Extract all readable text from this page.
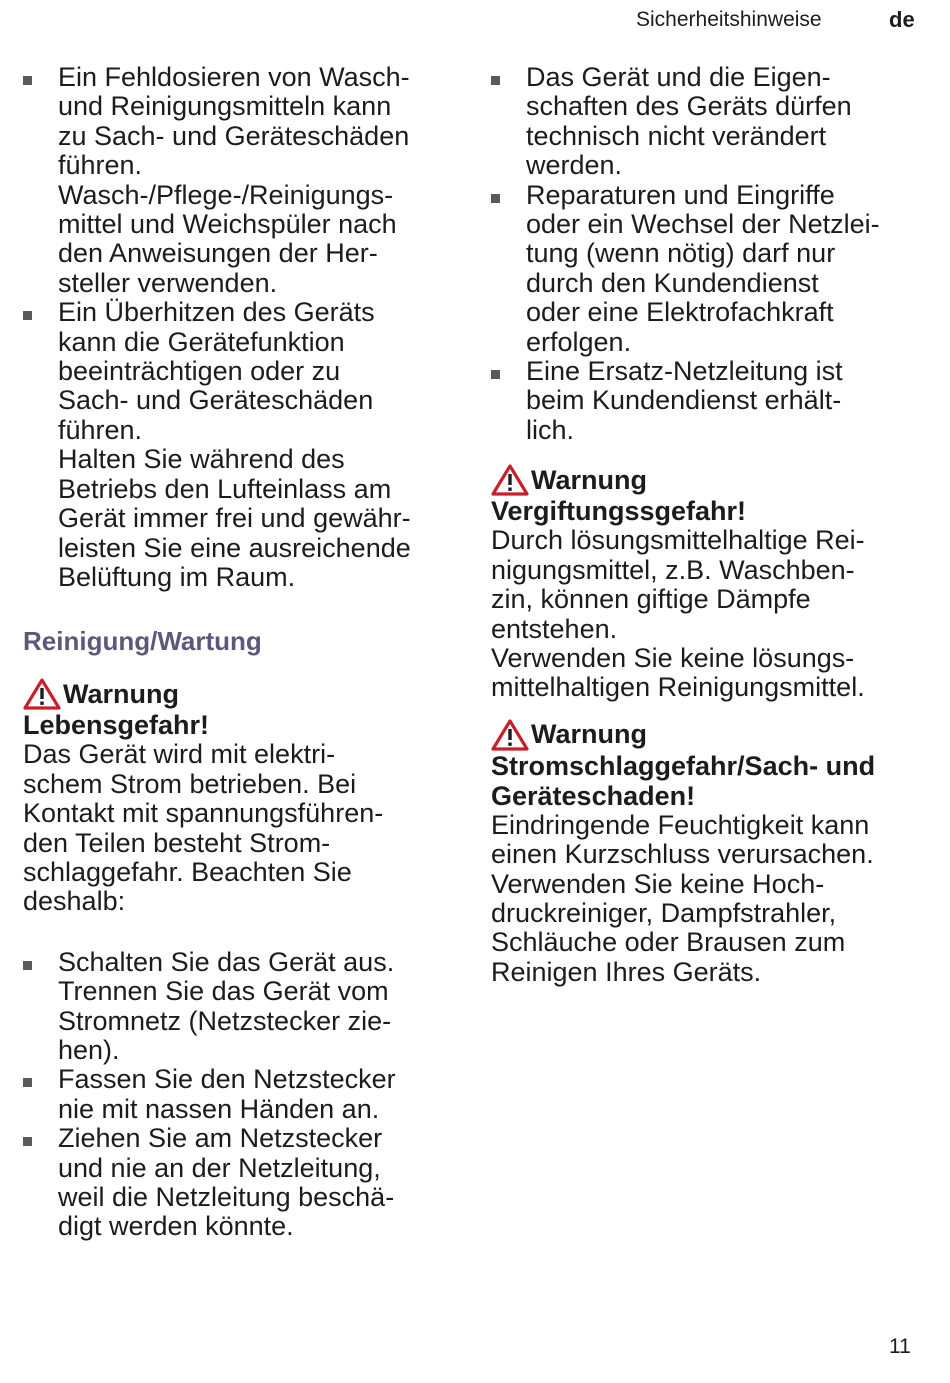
Sicherheitshinweise	de
Ein Fehldosieren von Wasch-
und Reinigungsmitteln kann
zu Sach- und Geräteschäden
führen.
Wasch-/Pflege-/Reinigungs-
mittel und Weichspüler nach
den Anweisungen der Her-
steller verwenden.
Ein Überhitzen des Geräts
kann die Gerätefunktion
beeinträchtigen oder zu
Sach- und Geräteschäden
führen.
Halten Sie während des
Betriebs den Lufteinlass am
Gerät immer frei und gewähr-
leisten Sie eine ausreichende
Belüftung im Raum.
Reinigung/Wartung
Warnung
Lebensgefahr!
Das Gerät wird mit elektri-
schem Strom betrieben. Bei
Kontakt mit spannungsführen-
den Teilen besteht Strom-
schlaggefahr. Beachten Sie
deshalb:
Schalten Sie das Gerät aus.
Trennen Sie das Gerät vom
Stromnetz (Netzstecker zie-
hen).
Fassen Sie den Netzstecker
nie mit nassen Händen an.
Ziehen Sie am Netzstecker
und nie an der Netzleitung,
weil die Netzleitung beschä-
digt werden könnte.
Das Gerät und die Eigen-
schaften des Geräts dürfen
technisch nicht verändert
werden.
Reparaturen und Eingriffe
oder ein Wechsel der Netzlei-
tung (wenn nötig) darf nur
durch den Kundendienst
oder eine Elektrofachkraft
erfolgen.
Eine Ersatz-Netzleitung ist
beim Kundendienst erhält-
lich.
Warnung
Vergiftungssgefahr!
Durch lösungsmittelhaltige Rei-
nigungsmittel, z.B. Waschben-
zin, können giftige Dämpfe
entstehen.
Verwenden Sie keine lösungs-
mittelhaltigen Reinigungsmittel.
Warnung
Stromschlaggefahr/Sach- und
Geräteschaden!
Eindringende Feuchtigkeit kann
einen Kurzschluss verursachen.
Verwenden Sie keine Hoch-
druckreiniger, Dampfstrahler,
Schläuche oder Brausen zum
Reinigen Ihres Geräts.
11
